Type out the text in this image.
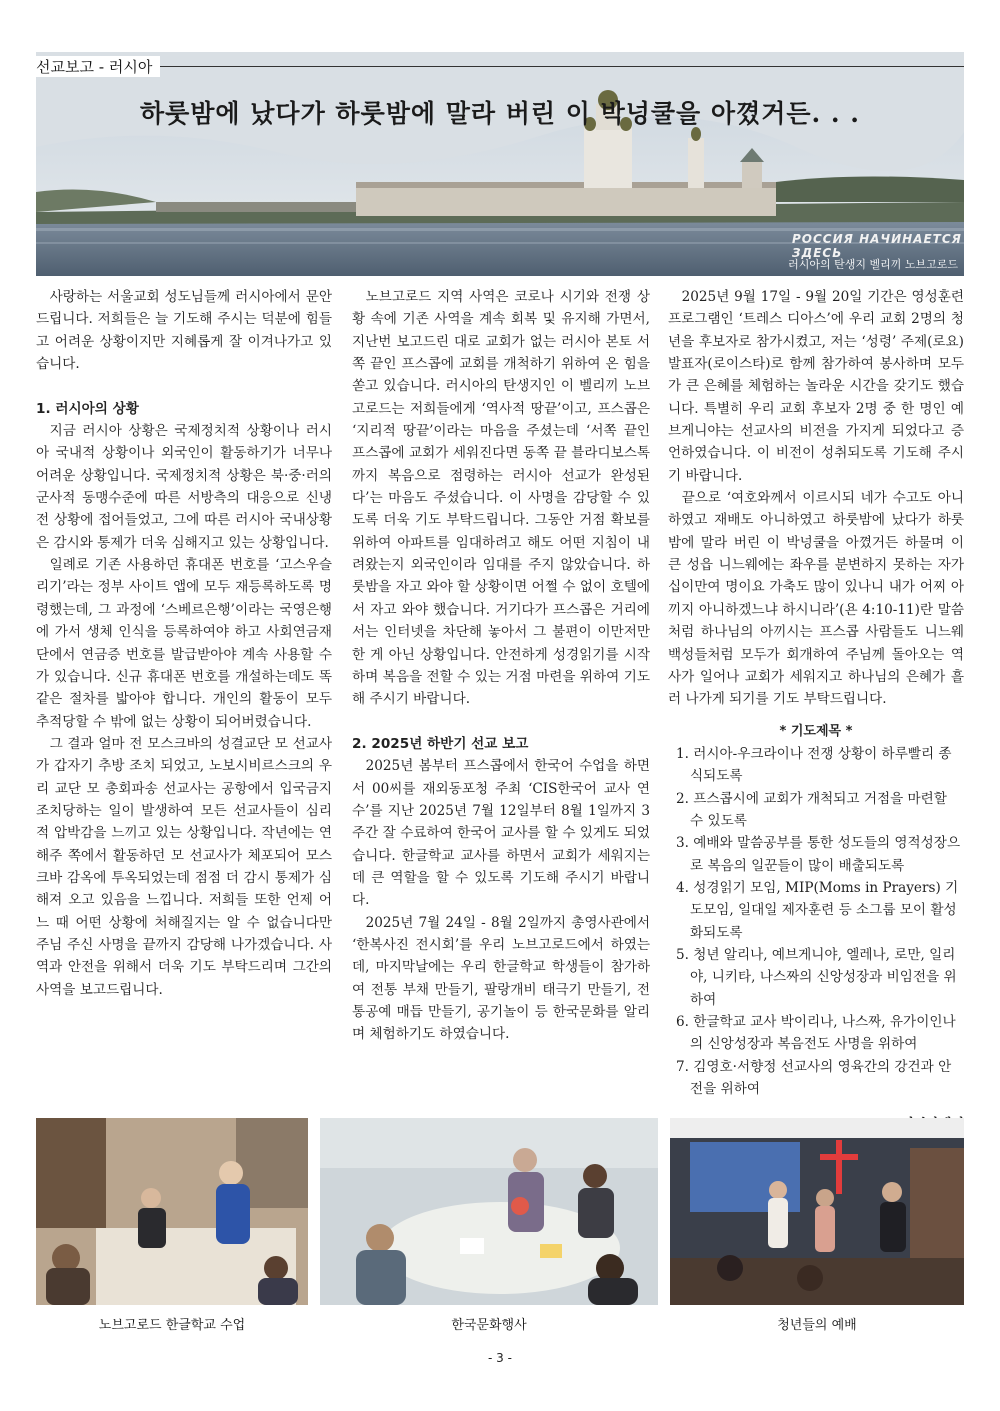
하룻밤에 났다가 하룻밤에 말라 버린 이 박넝쿨을 아꼈거든. . .
РОССИЯ НАЧИНАЕТСЯ ЗДЕСЬ
러시아의 탄생지 벨리끼 노브고로드
선교보고 - 러시아

사랑하는 서울교회 성도님들께 러시아에서 문안드립니다. 저희들은 늘 기도해 주시는 덕분에 힘들고 어려운 상황이지만 지혜롭게 잘 이겨나가고 있습니다.

1. 러시아의 상황

지금 러시아 상황은 국제정치적 상황이나 러시아 국내적 상황이나 외국인이 활동하기가 너무나 어려운 상황입니다. 국제정치적 상황은 북·중·러의 군사적 동맹수준에 따른 서방측의 대응으로 신냉전 상황에 접어들었고, 그에 따른 러시아 국내상황은 감시와 통제가 더욱 심해지고 있는 상황입니다.

일례로 기존 사용하던 휴대폰 번호를 ‘고스우슬리기’라는 정부 사이트 앱에 모두 재등록하도록 명령했는데, 그 과정에 ‘스베르은행’이라는 국영은행에 가서 생체 인식을 등록하여야 하고 사회연금재단에서 연금증 번호를 발급받아야 계속 사용할 수가 있습니다. 신규 휴대폰 번호를 개설하는데도 똑같은 절차를 밟아야 합니다. 개인의 활동이 모두 추적당할 수 밖에 없는 상황이 되어버렸습니다.

그 결과 얼마 전 모스크바의 성결교단 모 선교사가 갑자기 추방 조치 되었고, 노보시비르스크의 우리 교단 모 총회파송 선교사는 공항에서 입국금지 조치당하는 일이 발생하여 모든 선교사들이 심리적 압박감을 느끼고 있는 상황입니다. 작년에는 연해주 쪽에서 활동하던 모 선교사가 체포되어 모스크바 감옥에 투옥되었는데 점점 더 감시 통제가 심해져 오고 있음을 느낍니다. 저희들 또한 언제 어느 때 어떤 상황에 처해질지는 알 수 없습니다만 주님 주신 사명을 끝까지 감당해 나가겠습니다. 사역과 안전을 위해서 더욱 기도 부탁드리며 그간의 사역을 보고드립니다.

노브고로드 지역 사역은 코로나 시기와 전쟁 상황 속에 기존 사역을 계속 회복 및 유지해 가면서, 지난번 보고드린 대로 교회가 없는 러시아 본토 서쪽 끝인 프스콥에 교회를 개척하기 위하여 온 힘을 쏟고 있습니다. 러시아의 탄생지인 이 벨리끼 노브고로드는 저희들에게 ‘역사적 땅끝’이고, 프스콥은 ‘지리적 땅끝’이라는 마음을 주셨는데 ‘서쪽 끝인 프스콥에 교회가 세워진다면 동쪽 끝 블라디보스톡까지 복음으로 점령하는 러시아 선교가 완성된다’는 마음도 주셨습니다. 이 사명을 감당할 수 있도록 더욱 기도 부탁드립니다. 그동안 거점 확보를 위하여 아파트를 임대하려고 해도 어떤 지침이 내려왔는지 외국인이라 임대를 주지 않았습니다. 하룻밤을 자고 와야 할 상황이면 어쩔 수 없이 호텔에서 자고 와야 했습니다. 거기다가 프스콥은 거리에서는 인터넷을 차단해 놓아서 그 불편이 이만저만한 게 아닌 상황입니다. 안전하게 성경읽기를 시작하며 복음을 전할 수 있는 거점 마련을 위하여 기도해 주시기 바랍니다.

2. 2025년 하반기 선교 보고

2025년 봄부터 프스콥에서 한국어 수업을 하면서 00씨를 재외동포청 주최 ‘CIS한국어 교사 연수’를 지난 2025년 7월 12일부터 8월 1일까지 3주간 잘 수료하여 한국어 교사를 할 수 있게도 되었습니다. 한글학교 교사를 하면서 교회가 세워지는데 큰 역할을 할 수 있도록 기도해 주시기 바랍니다.

2025년 7월 24일 - 8월 2일까지 총영사관에서 ‘한복사진 전시회’를 우리 노브고로드에서 하였는데, 마지막날에는 우리 한글학교 학생들이 참가하여 전통 부채 만들기, 팔랑개비 태극기 만들기, 전통공예 매듭 만들기, 공기놀이 등 한국문화를 알리며 체험하기도 하였습니다.

2025년 9월 17일 - 9월 20일 기간은 영성훈련 프로그램인 ‘트레스 디아스’에 우리 교회 2명의 청년을 후보자로 참가시켰고, 저는 ‘성령’ 주제(로요) 발표자(로이스타)로 함께 참가하여 봉사하며 모두가 큰 은혜를 체험하는 놀라운 시간을 갖기도 했습니다. 특별히 우리 교회 후보자 2명 중 한 명인 예브게니야는 선교사의 비전을 가지게 되었다고 증언하였습니다. 이 비전이 성취되도록 기도해 주시기 바랍니다.

끝으로 ‘여호와께서 이르시되 네가 수고도 아니하였고 재배도 아니하였고 하룻밤에 났다가 하룻밤에 말라 버린 이 박넝쿨을 아꼈거든 하물며 이 큰 성읍 니느웨에는 좌우를 분변하지 못하는 자가 십이만여 명이요 가축도 많이 있나니 내가 어찌 아끼지 아니하겠느냐 하시니라’(욘 4:10-11)란 말씀처럼 하나님의 아끼시는 프스콥 사람들도 니느웨 백성들처럼 모두가 회개하여 주님께 돌아오는 역사가 일어나 교회가 세워지고 하나님의 은혜가 흘러 나가게 되기를 기도 부탁드립니다.

* 기도제목 *
1. 러시아-우크라이나 전쟁 상황이 하루빨리 종식되도록
2. 프스콥시에 교회가 개척되고 거점을 마련할 수 있도록
3. 예배와 말씀공부를 통한 성도들의 영적성장으로 복음의 일꾼들이 많이 배출되도록
4. 성경읽기 모임, MIP(Moms in Prayers) 기도모임, 일대일 제자훈련 등 소그룹 모이 활성화되도록
5. 청년 알리나, 예브게니야, 엘레나, 로만, 일리야, 니키타, 나스짜의 신앙성장과 비임전을 위하여
6. 한글학교 교사 박이리나, 나스짜, 유가이인나의 신앙성장과 복음전도 사명을 위하여
7. 김영호·서향정 선교사의 영육간의 강건과 안전을 위하여
노브고로드 한글학교 수업	한국문화행사	청년들의 예배
- 3 -
